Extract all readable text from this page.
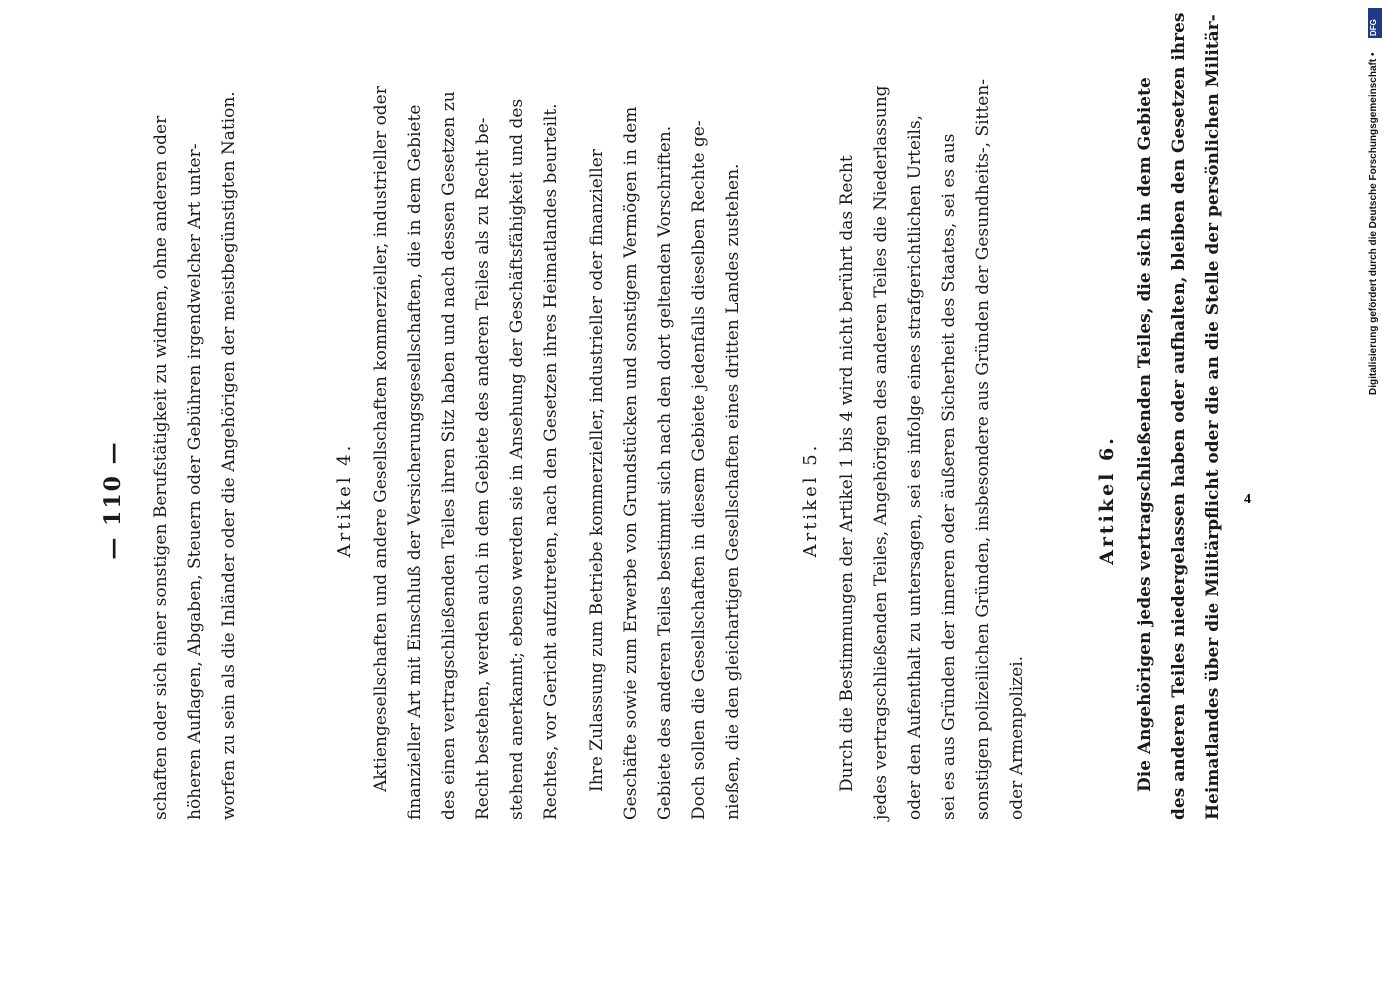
— 110 — schaften oder sich einer sonstigen Berufstätigkeit zu widmen, ohne anderen oder höheren Auflagen, Abgaben, Steuern oder Gebühren irgendwelcher Art unter- worfen zu sein als die Inländer oder die Angehörigen der meistbegünstigten Nation.	Artikel 4. Aktiengesellschaften und andere Gesellschaften kommerzieller, industrieller oder finanzieller Art mit Einschluß der Versicherungsgesellschaften, die in dem Gebiete des einen vertragschließenden Teiles ihren Sitz haben und nach dessen Gesetzen zu Recht bestehen, werden auch in dem Gebiete des anderen Teiles als zu Recht be- stehend anerkannt; ebenso werden sie in Ansehung der Geschäftsfähigkeit und des Rechtes, vor Gericht aufzutreten, nach den Gesetzen ihres Heimatlandes beurteilt. Ihre Zulassung zum Betriebe kommerzieller, industrieller oder finanzieller Geschäfte sowie zum Erwerbe von Grundstücken und sonstigem Vermögen in dem Gebiete des anderen Teiles bestimmt sich nach den dort geltenden Vorschriften. Doch sollen die Gesellschaften in diesem Gebiete jedenfalls dieselben Rechte ge- nießen, die den gleichartigen Gesellschaften eines dritten Landes zustehen.	Artikel 5. Durch die Bestimmungen der Artikel 1 bis 4 wird nicht berührt das Recht jedes vertragschließenden Teiles, Angehörigen des anderen Teiles die Niederlassung oder den Aufenthalt zu untersagen, sei es infolge eines strafgerichtlichen Urteils, sei es aus Gründen der inneren oder äußeren Sicherheit des Staates, sei es aus sonstigen polizeilichen Gründen, insbesondere aus Gründen der Gesundheits-, Sitten- oder Armenpolizei.
Artikel 6. Die Angehörigen jedes vertragschließenden Teiles, die sich in dem Gebiete des anderen Teiles niedergelassen haben oder aufhalten, bleiben den Gesetzen ihres Heimatlandes über die Militärpflicht oder die an die Stelle der persönlichen Militär- 4
DFG
Digitalisierung gefördert durch die Deutsche Forschungsgemeinschaft •
